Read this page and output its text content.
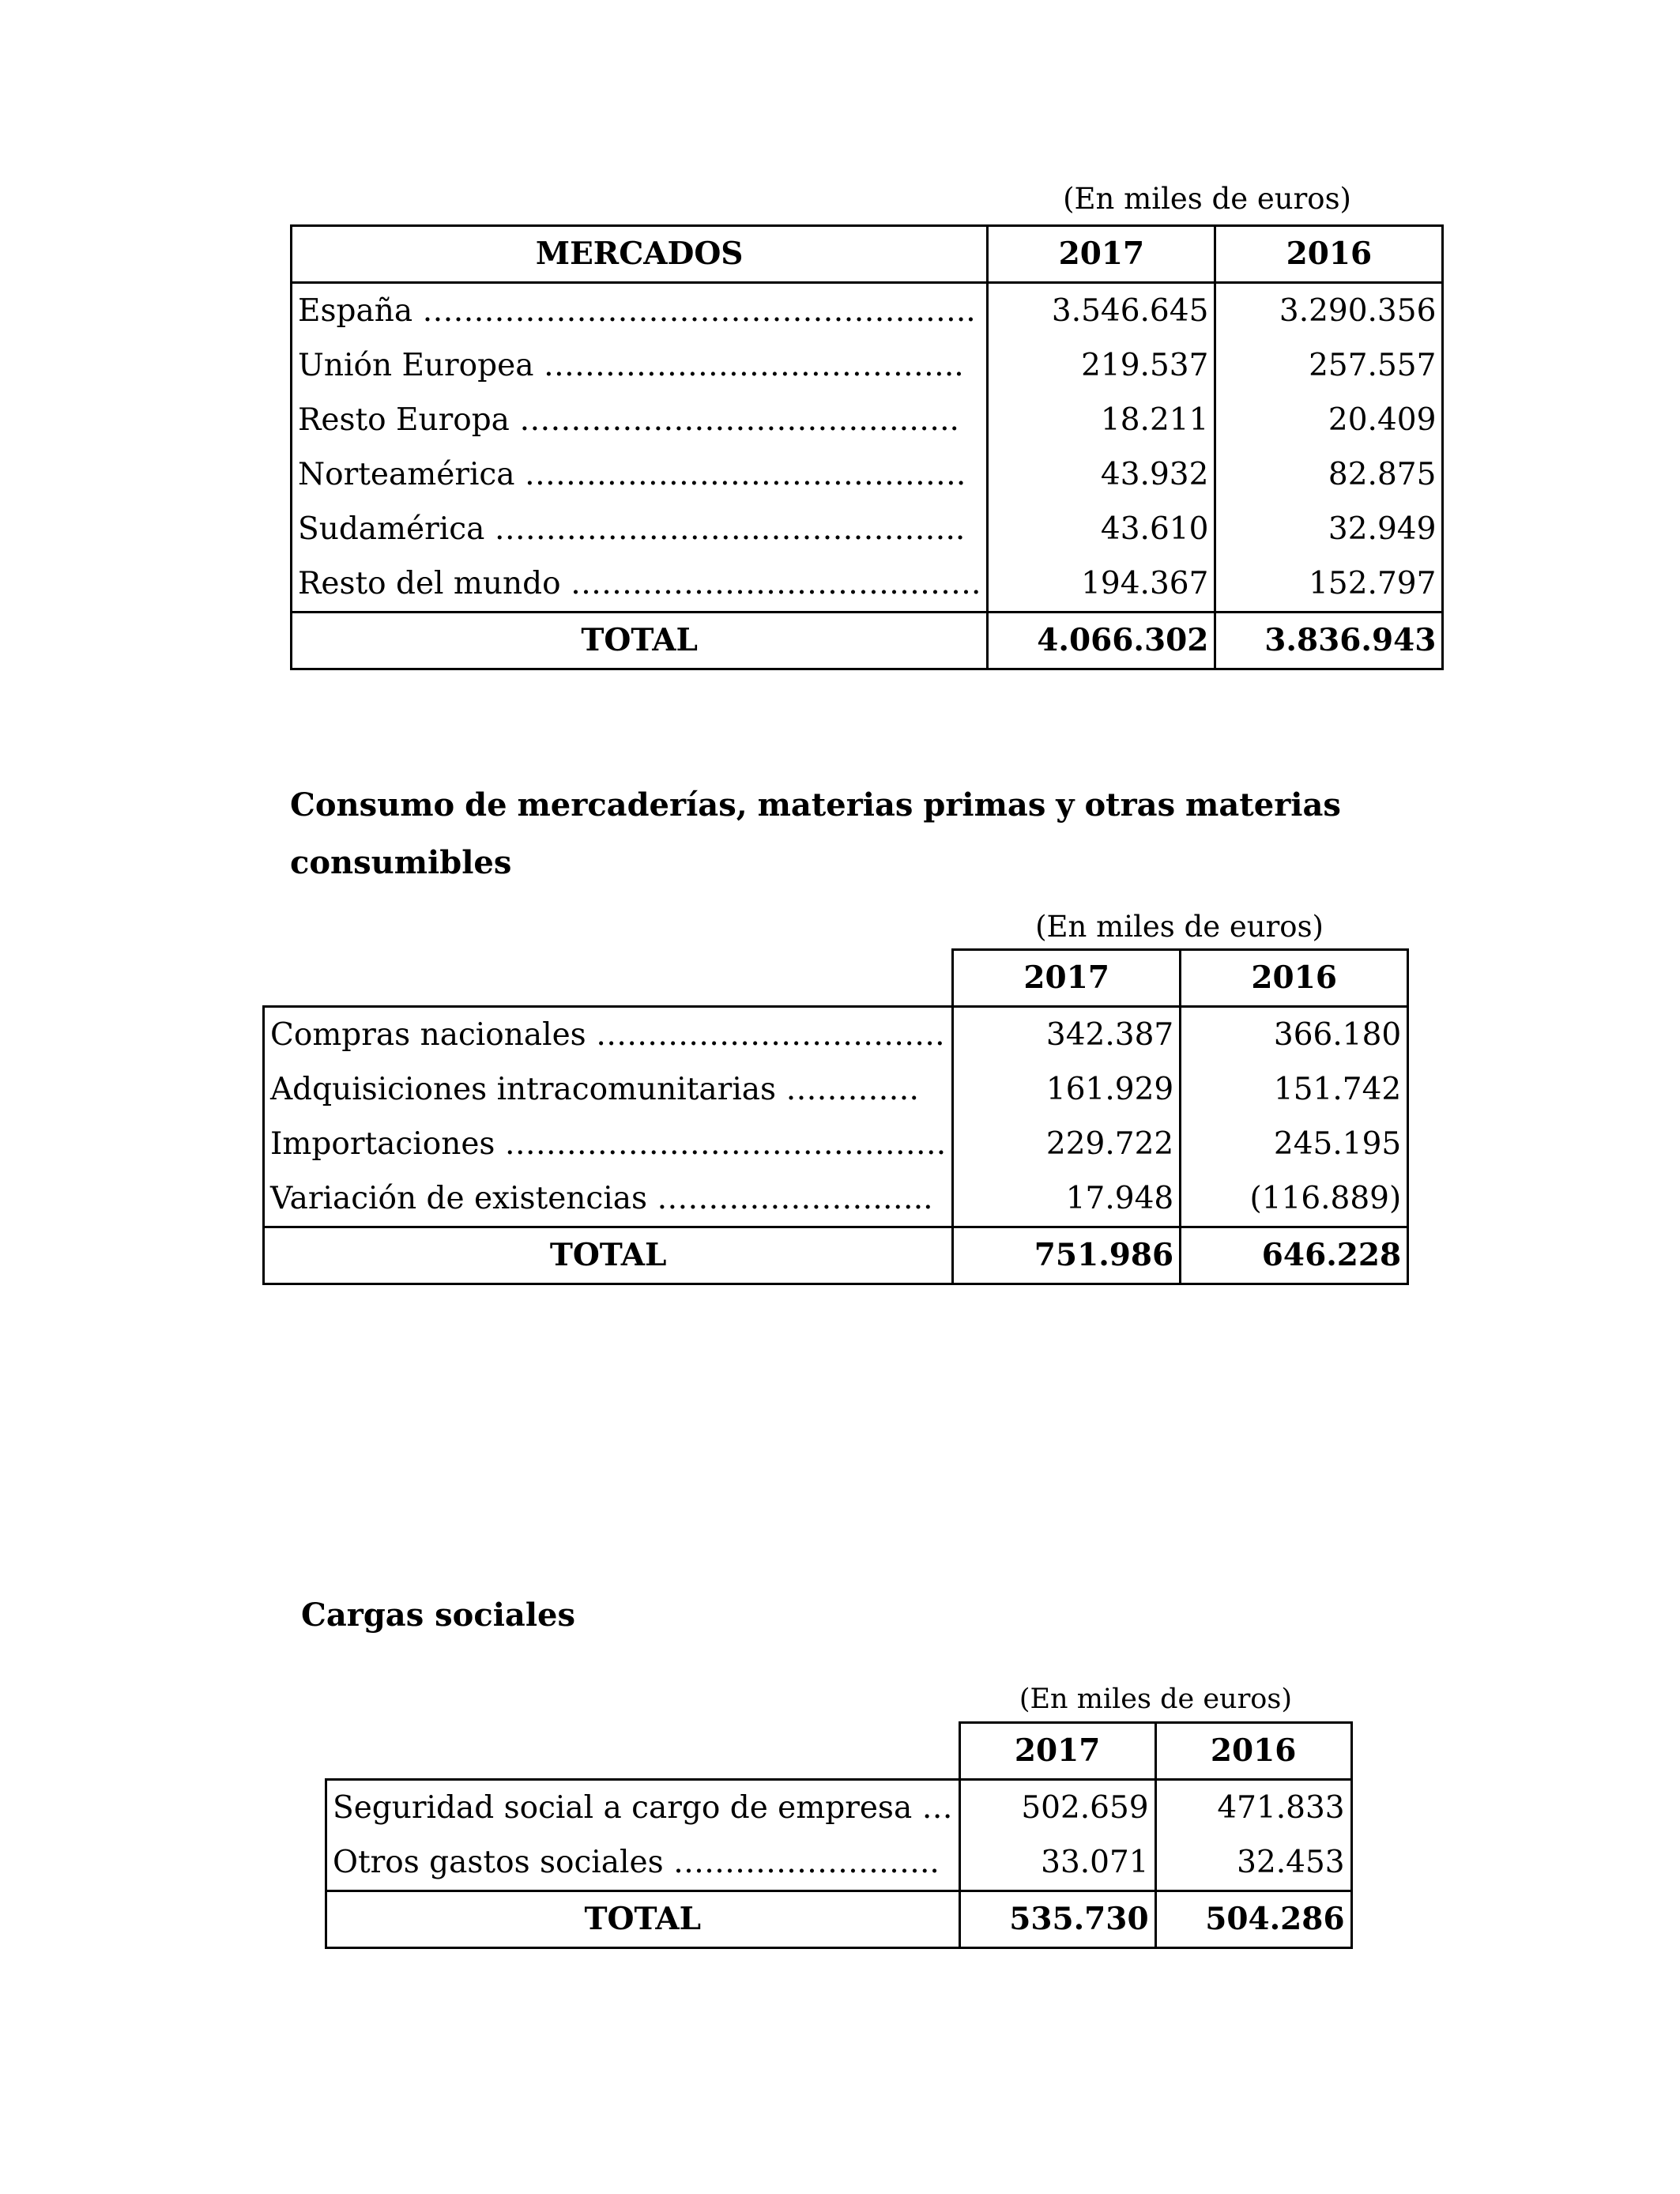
(En miles de euros)
MERCADOS	2017	2016
España ………………………………………….…..	3.546.645	3.290.356
Unión Europea …………………………………..	219.537	257.557
Resto Europa …………………………….….…..	18.211	20.409
Norteamérica …………………………………….	43.932	82.875
Sudamérica ……………………..………………..	43.610	32.949
Resto del mundo ………………………………….	194.367	152.797
TOTAL	4.066.302	3.836.943
Consumo de mercaderías, materias primas y otras materias
consumibles
(En miles de euros)
	2017	2016
Compras nacionales …………………………….	342.387	366.180
Adquisiciones intracomunitarias ………….	161.929	151.742
Importaciones …………………………………….	229.722	245.195
Variación de existencias ………………….…..	17.948	(116.889)
TOTAL	751.986	646.228
Cargas sociales
(En miles de euros)
	2017	2016
Seguridad social a cargo de empresa …	502.659	471.833
Otros gastos sociales ……………………..	33.071	32.453
TOTAL	535.730	504.286
